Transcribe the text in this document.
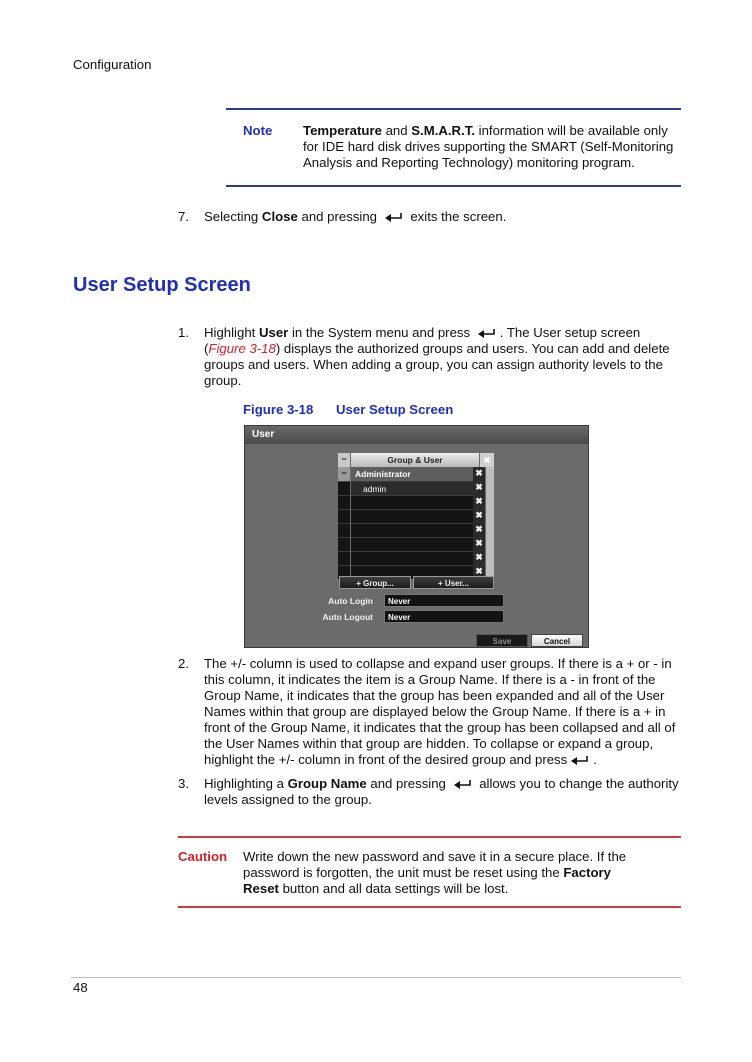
Configuration
Note Temperature and S.M.A.R.T. information will be available only for IDE hard disk drives supporting the SMART (Self-Monitoring Analysis and Reporting Technology) monitoring program.
7. Selecting Close and pressing  exits the screen.
User Setup Screen
1. Highlight User in the System menu and press . The User setup screen (Figure 3-18) displays the authorized groups and users. You can add and delete groups and users. When adding a group, you can assign authority levels to the group.
Figure 3-18 User Setup Screen
User
−	Group & User	✖
− Administrator	✖
admin	✖
✖
✖
✖
✖
✖
✖
+ Group...	+ User...
Auto Login	Never
Auto Logout	Never
Save	Cancel
2. The +/- column is used to collapse and expand user groups. If there is a + or - in this column, it indicates the item is a Group Name. If there is a - in front of the Group Name, it indicates that the group has been expanded and all of the User Names within that group are displayed below the Group Name. If there is a + in front of the Group Name, it indicates that the group has been collapsed and all of the User Names within that group are hidden. To collapse or expand a group, highlight the +/- column in front of the desired group and press .
3. Highlighting a Group Name and pressing  allows you to change the authority levels assigned to the group.
Caution Write down the new password and save it in a secure place. If the password is forgotten, the unit must be reset using the Factory Reset button and all data settings will be lost.
48
